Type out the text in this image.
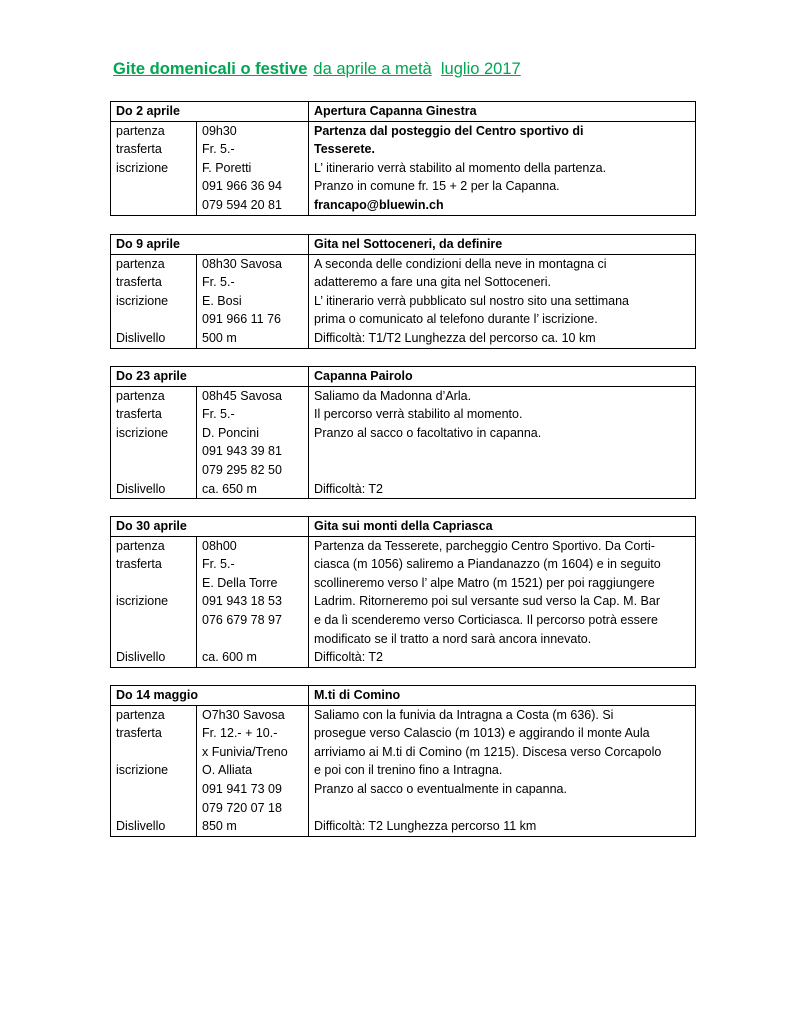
Gite domenicali o festive da aprile a metà luglio 2017
Do 2 aprile		Apertura Capanna Ginestra
partenza	09h30	Partenza dal posteggio del Centro sportivo di
trasferta	Fr. 5.-	Tesserete.
iscrizione	F. Poretti	L’ itinerario verrà stabilito al momento della partenza.
	091 966 36 94	Pranzo in comune fr. 15 + 2 per la Capanna.
	079 594 20 81	francapo@bluewin.ch
Do 9 aprile		Gita nel Sottoceneri, da definire
partenza	08h30 Savosa	A seconda delle condizioni della neve in montagna ci
trasferta	Fr. 5.-	adatteremo a fare una gita nel Sottoceneri.
iscrizione	E. Bosi	L’ itinerario verrà pubblicato sul nostro sito una settimana
	091 966 11 76	prima o comunicato al telefono durante l’ iscrizione.
Dislivello	500 m	Difficoltà: T1/T2 Lunghezza del percorso ca. 10 km
Do 23 aprile		Capanna Pairolo
partenza	08h45 Savosa	Saliamo da Madonna d’Arla.
trasferta	Fr. 5.-	Il percorso verrà stabilito al momento.
iscrizione	D. Poncini	Pranzo al sacco o facoltativo in capanna.
	091 943 39 81	
	079 295 82 50	
Dislivello	ca. 650 m	Difficoltà: T2
Do 30 aprile		Gita sui monti della Capriasca
partenza	08h00	Partenza da Tesserete, parcheggio Centro Sportivo. Da Corti-
trasferta	Fr. 5.-	ciasca (m 1056) saliremo a Piandanazzo (m 1604) e in seguito
	E. Della Torre	scollineremo verso l’ alpe Matro (m 1521) per poi raggiungere
iscrizione	091 943 18 53	Ladrim. Ritorneremo poi sul versante sud verso la Cap. M. Bar
	076 679 78 97	e da lì scenderemo verso Corticiasca. Il percorso potrà essere
		modificato se il tratto a nord sarà ancora innevato.
Dislivello	ca. 600 m	Difficoltà: T2
Do 14 maggio		M.ti di Comino
partenza	O7h30 Savosa	Saliamo con la funivia da Intragna a Costa (m 636). Si
trasferta	Fr. 12.- + 10.-	prosegue verso Calascio (m 1013) e aggirando il monte Aula
	x Funivia/Treno	arriviamo ai M.ti di Comino (m 1215). Discesa verso Corcapolo
iscrizione	O. Alliata	e poi con il trenino fino a Intragna.
	091 941 73 09	Pranzo al sacco o eventualmente in capanna.
	079 720 07 18	
Dislivello	850 m	Difficoltà: T2 Lunghezza percorso 11 km
